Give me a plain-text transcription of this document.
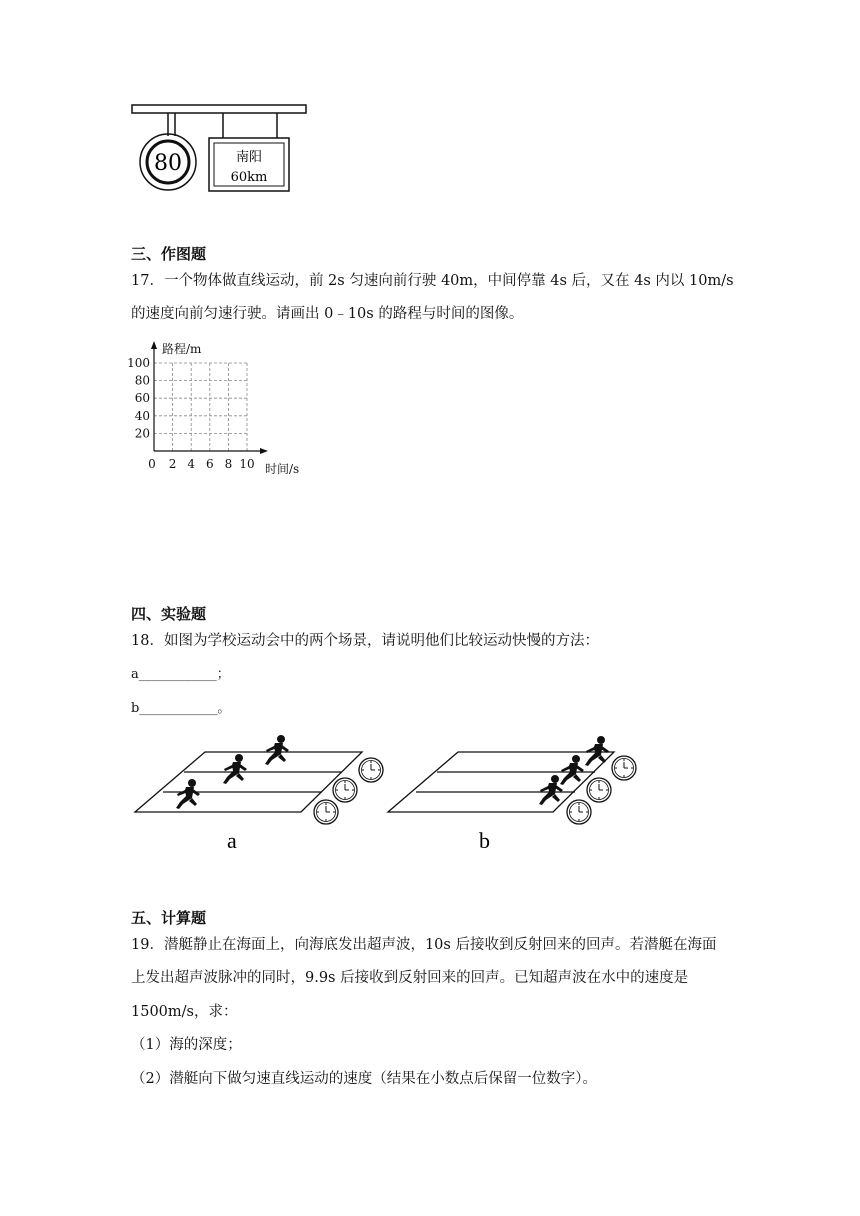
80	南阳
60km
三、作图题
17．一个物体做直线运动，前 2s 匀速向前行驶 40m，中间停靠 4s 后，又在 4s 内以 10m/s
的速度向前匀速行驶。请画出 0﹣10s 的路程与时间的图像。
0 2 4 6 8 10
20
40
60
80
100
路程/m
时间/s
四、实验题
18．如图为学校运动会中的两个场景，请说明他们比较运动快慢的方法：
a____________；
b____________。
a	b
五、计算题
19．潜艇静止在海面上，向海底发出超声波，10s 后接收到反射回来的回声。若潜艇在海面
上发出超声波脉冲的同时，9.9s 后接收到反射回来的回声。已知超声波在水中的速度是
1500m/s，求：
（1）海的深度；
（2）潜艇向下做匀速直线运动的速度（结果在小数点后保留一位数字）。
